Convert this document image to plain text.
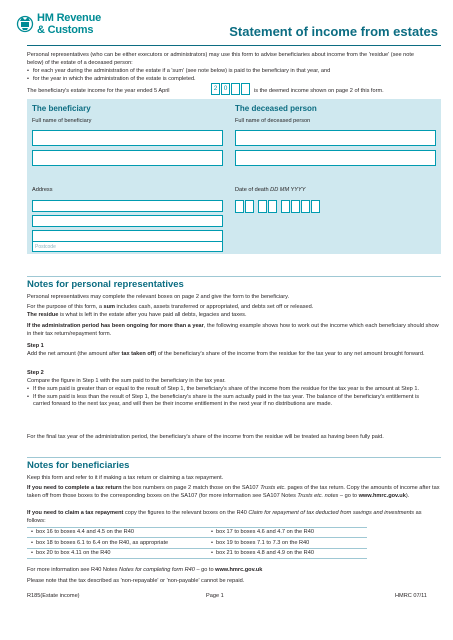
HM Revenue
& Customs	Statement of income from estates
Personal representatives (who can be either executors or administrators) may use this form to advise beneficiaries about income from the 'residue' (see note below) of the estate of a deceased person:
• for each year during the administration of the estate if a 'sum' (see note below) is paid to the beneficiary in that year, and
• for the year in which the administration of the estate is completed.
The beneficiary's estate income for the year ended 5 April	2 0	is the deemed income shown on page 2 of this form.
The beneficiary
Full name of beneficiary
Address
Postcode
The deceased person
Full name of deceased person
Date of death DD MM YYYY
Notes for personal representatives
Personal representatives may complete the relevant boxes on page 2 and give the form to the beneficiary.
For the purpose of this form, a sum includes cash, assets transferred or appropriated, and debts set off or released.
The residue is what is left in the estate after you have paid all debts, legacies and taxes.
If the administration period has been ongoing for more than a year, the following example shows how to work out the income which each beneficiary should show in their tax return/repayment form.
Step 1
Add the net amount (the amount after tax taken off) of the beneficiary's share of the income from the residue for the tax year to any net amount brought forward.
Step 2
Compare the figure in Step 1 with the sum paid to the beneficiary in the tax year.
• If the sum paid is greater than or equal to the result of Step 1, the beneficiary's share of the income from the residue for the tax year is the amount at Step 1.
• If the sum paid is less than the result of Step 1, the beneficiary's share is the sum actually paid in the tax year. The balance of the beneficiary's entitlement is carried forward to the next tax year, and will then be their income entitlement in the next year if no distributions are made.
For the final tax year of the administration period, the beneficiary's share of the income from the residue will be treated as having been fully paid.
Notes for beneficiaries
Keep this form and refer to it if making a tax return or claiming a tax repayment.
If you need to complete a tax return the box numbers on page 2 match those on the SA107 Trusts etc. pages of the tax return. Copy the amounts of income after tax taken off from those boxes to the corresponding boxes on the SA107 (for more information see SA107 Notes Trusts etc. notes – go to www.hmrc.gov.uk).
If you need to claim a tax repayment copy the figures to the relevant boxes on the R40 Claim for repayment of tax deducted from savings and investments as follows:
• box 16 to boxes 4.4 and 4.5 on the R40	• box 17 to boxes 4.6 and 4.7 on the R40
• box 18 to boxes 6.1 to 6.4 on the R40, as appropriate	• box 19 to boxes 7.1 to 7.3 on the R40
• box 20 to box 4.11 on the R40	• box 21 to boxes 4.8 and 4.9 on the R40
For more information see R40 Notes Notes for completing form R40 – go to www.hmrc.gov.uk
Please note that the tax described as 'non-repayable' or 'non-payable' cannot be repaid.
R185(Estate income)	Page 1	HMRC 07/11
